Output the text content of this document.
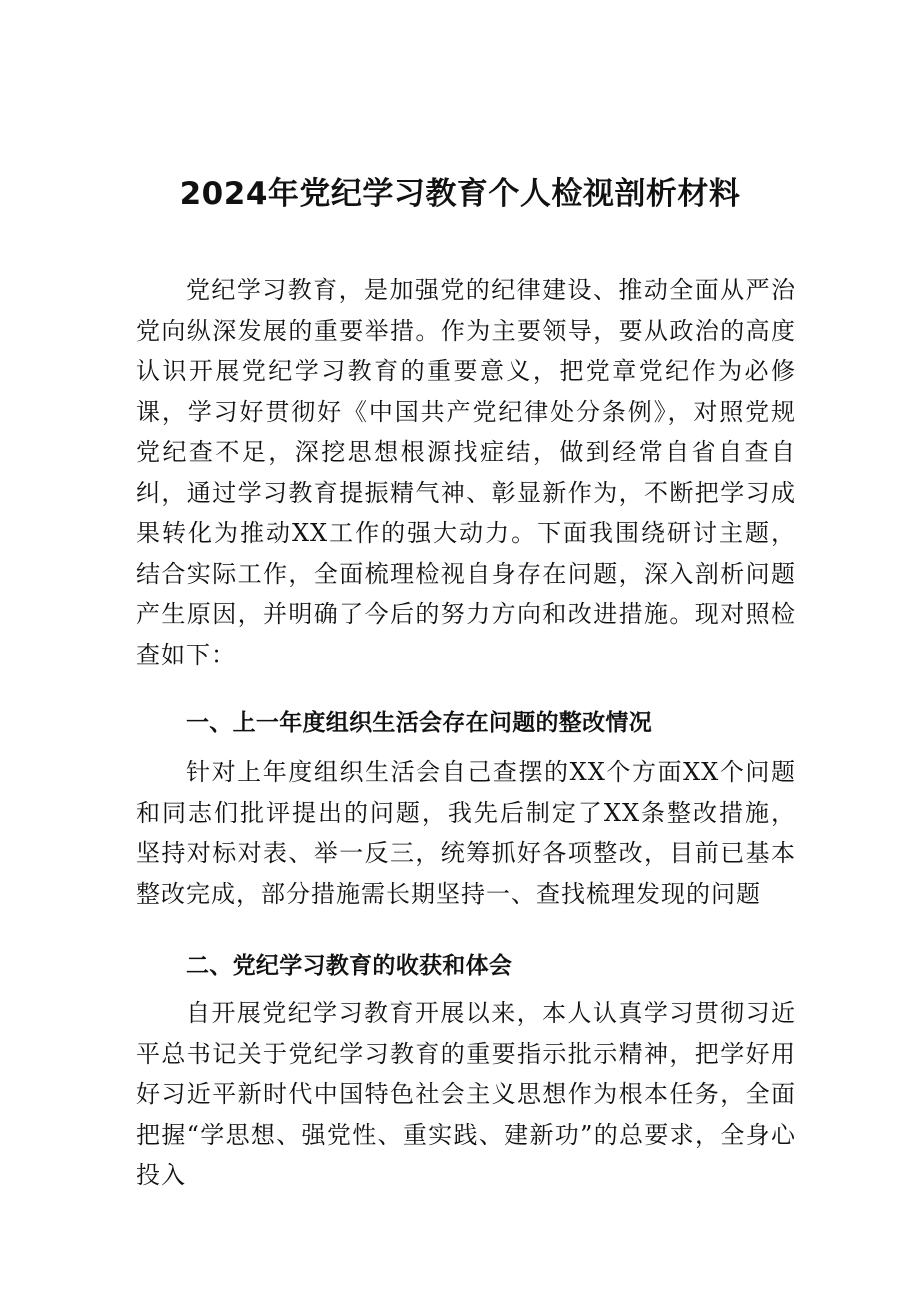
2024年党纪学习教育个人检视剖析材料

党纪学习教育，是加强党的纪律建设、推动全面从严治党向纵深发展的重要举措。作为主要领导，要从政治的高度认识开展党纪学习教育的重要意义，把党章党纪作为必修课，学习好贯彻好《中国共产党纪律处分条例》，对照党规党纪查不足，深挖思想根源找症结，做到经常自省自查自纠，通过学习教育提振精气神、彰显新作为，不断把学习成果转化为推动XX工作的强大动力。下面我围绕研讨主题，结合实际工作，全面梳理检视自身存在问题，深入剖析问题产生原因，并明确了今后的努力方向和改进措施。现对照检查如下：

一、上一年度组织生活会存在问题的整改情况

针对上年度组织生活会自己查摆的XX个方面XX个问题和同志们批评提出的问题，我先后制定了XX条整改措施，坚持对标对表、举一反三，统筹抓好各项整改，目前已基本整改完成，部分措施需长期坚持一、查找梳理发现的问题

二、党纪学习教育的收获和体会

自开展党纪学习教育开展以来，本人认真学习贯彻习近平总书记关于党纪学习教育的重要指示批示精神，把学好用好习近平新时代中国特色社会主义思想作为根本任务，全面把握“学思想、强党性、重实践、建新功”的总要求，全身心投入
